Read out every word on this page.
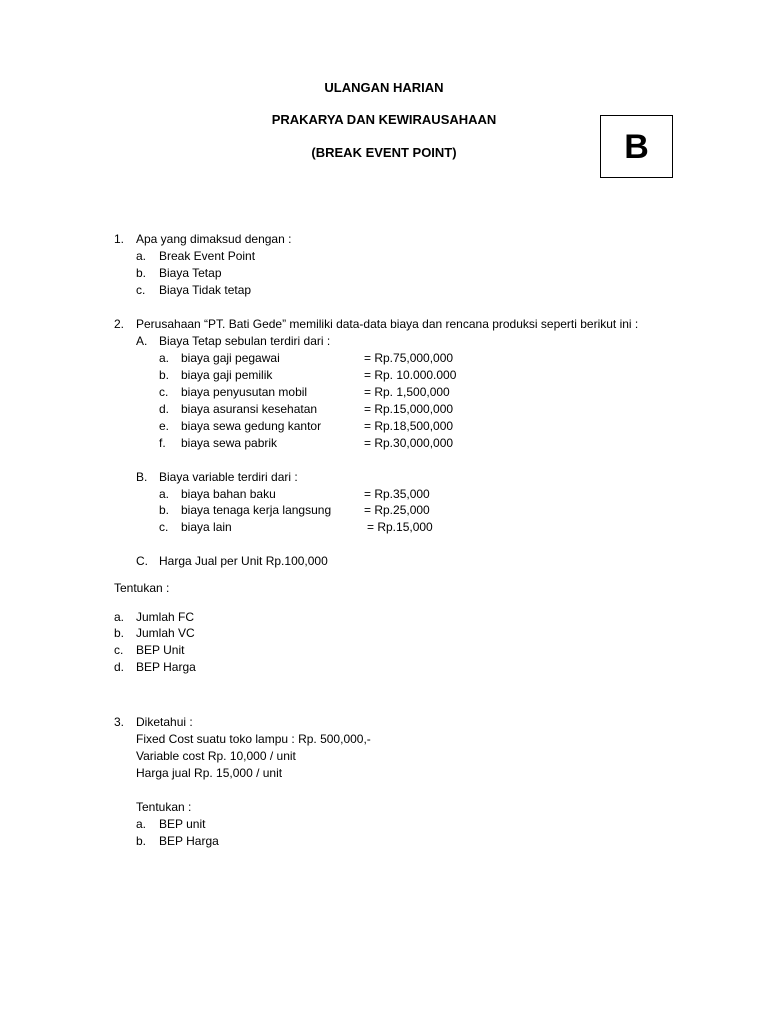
ULANGAN HARIAN
PRAKARYA DAN KEWIRAUSAHAAN
(BREAK EVENT POINT)	B
1. Apa yang dimaksud dengan :
a. Break Event Point
b. Biaya Tetap
c. Biaya Tidak tetap
2. Perusahaan “PT. Bati Gede” memiliki data-data biaya dan rencana produksi seperti berikut ini :
A. Biaya Tetap sebulan terdiri dari :
a. biaya gaji pegawai	= Rp.75,000,000
b. biaya gaji pemilik	= Rp. 10.000.000
c. biaya penyusutan mobil	= Rp. 1,500,000
d. biaya asuransi kesehatan	= Rp.15,000,000
e. biaya sewa gedung kantor	= Rp.18,500,000
f. biaya sewa pabrik	= Rp.30,000,000
B. Biaya variable terdiri dari :
a. biaya bahan baku	= Rp.35,000
b. biaya tenaga kerja langsung	= Rp.25,000
c. biaya lain	= Rp.15,000
C. Harga Jual per Unit Rp.100,000
Tentukan :
a. Jumlah FC
b. Jumlah VC
c. BEP Unit
d. BEP Harga
3. Diketahui :
Fixed Cost suatu toko lampu : Rp. 500,000,-
Variable cost Rp. 10,000 / unit
Harga jual Rp. 15,000 / unit
Tentukan :
a. BEP unit
b. BEP Harga
